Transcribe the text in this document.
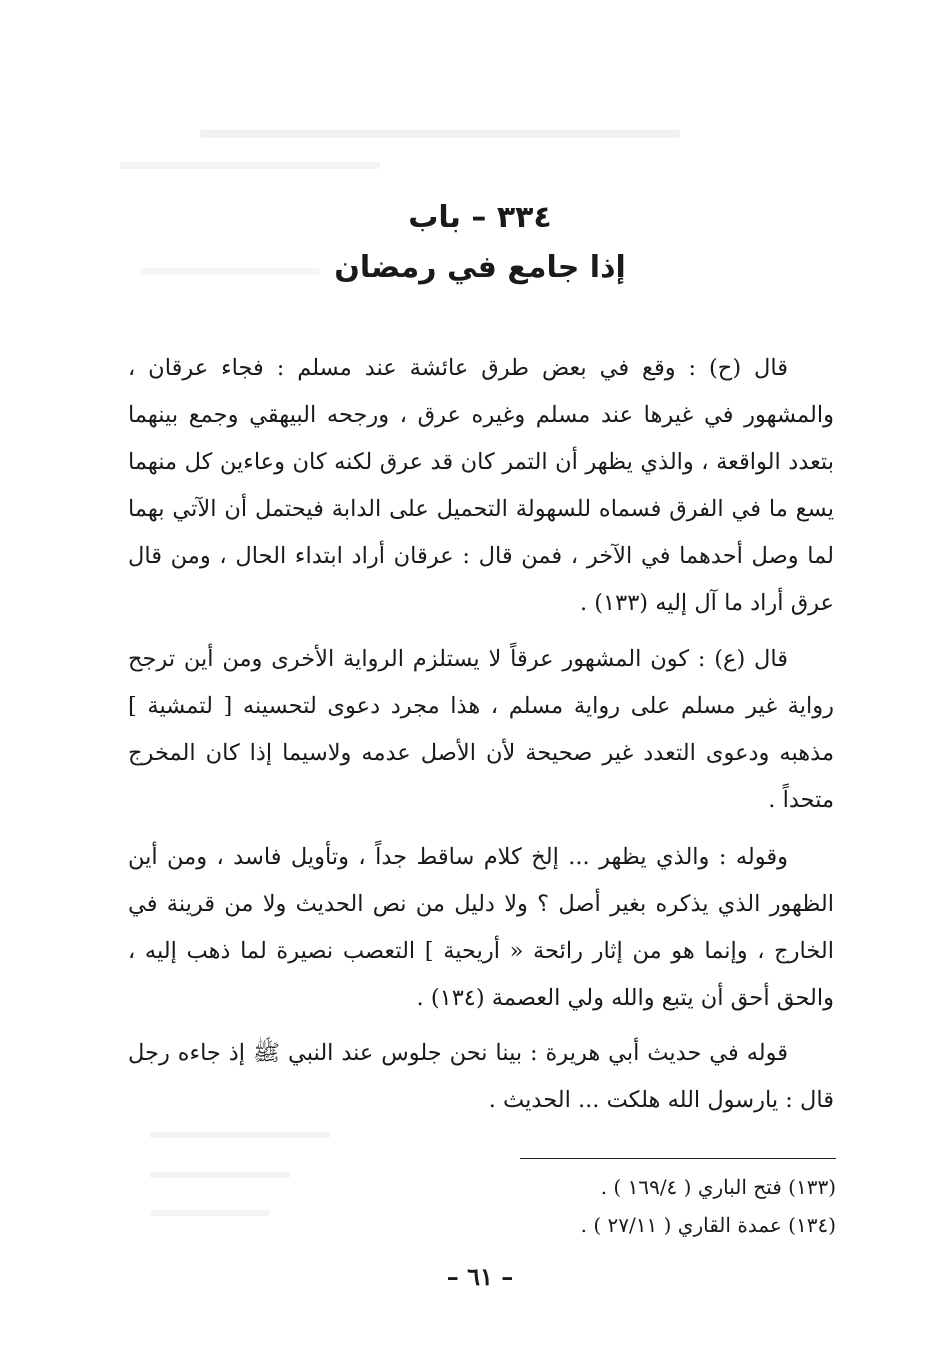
٣٣٤ – باب
إذا جامع في رمضان

قال (ح) : وقع في بعض طرق عائشة عند مسلم : فجاء عرقان ، والمشهور في غيرها عند مسلم وغيره عرق ، ورجحه البيهقي وجمع بينهما بتعدد الواقعة ، والذي يظهر أن التمر كان قد عرق لكنه كان وعاءين كل منهما يسع ما في الفرق فسماه للسهولة التحميل على الدابة فيحتمل أن الآتي بهما لما وصل أحدهما في الآخر ، فمن قال : عرقان أراد ابتداء الحال ، ومن قال عرق أراد ما آل إليه (١٣٣) .

قال (ع) : كون المشهور عرقاً لا يستلزم الرواية الأخرى ومن أين ترجح رواية غير مسلم على رواية مسلم ، هذا مجرد دعوى لتحسينه [ لتمشية ] مذهبه ودعوى التعدد غير صحيحة لأن الأصل عدمه ولاسيما إذا كان المخرج متحداً .

وقوله : والذي يظهر ... إلخ كلام ساقط جداً ، وتأويل فاسد ، ومن أين الظهور الذي يذكره بغير أصل ؟ ولا دليل من نص الحديث ولا من قرينة في الخارج ، وإنما هو من إثار رائحة « أريحية ] التعصب نصيرة لما ذهب إليه ، والحق أحق أن يتبع والله ولي العصمة (١٣٤) .

قوله في حديث أبي هريرة : بينا نحن جلوس عند النبي ﷺ إذ جاءه رجل قال : يارسول الله هلكت ... الحديث .

(١٣٣) فتح الباري ( ١٦٩/٤ ) .
(١٣٤) عمدة القاري ( ٢٧/١١ ) .
– ٦١ –
